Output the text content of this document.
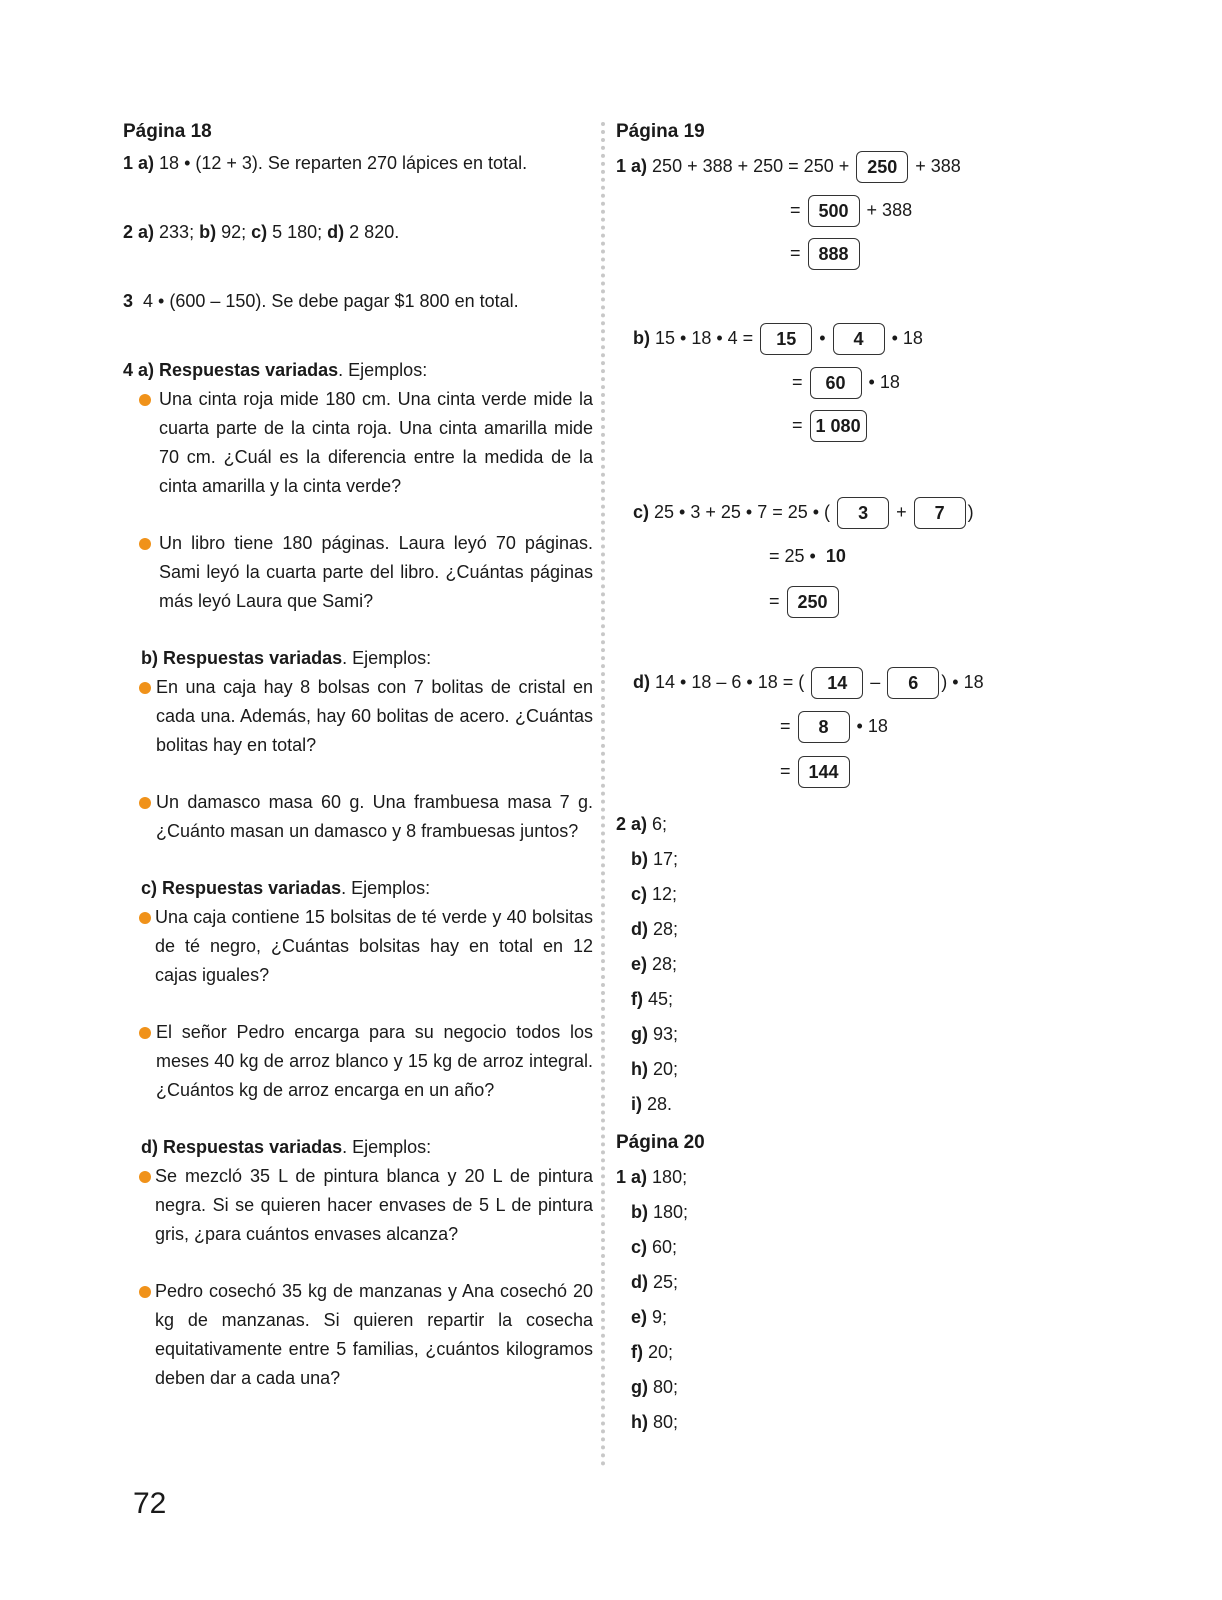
Página 18

1 a) 18 • (12 + 3). Se reparten 270 lápices en total.

2 a) 233; b) 92; c) 5 180; d) 2 820.

3 4 • (600 – 150). Se debe pagar $1 800 en total.

4 a) Respuestas variadas. Ejemplos:

Una cinta roja mide 180 cm. Una cinta verde mide la cuarta parte de la cinta roja. Una cinta amarilla mide 70 cm. ¿Cuál es la diferencia entre la medida de la cinta amarilla y la cinta verde?
Un libro tiene 180 páginas. Laura leyó 70 páginas. Sami leyó la cuarta parte del libro. ¿Cuántas páginas más leyó Laura que Sami?

b) Respuestas variadas. Ejemplos:

En una caja hay 8 bolsas con 7 bolitas de cristal en cada una. Además, hay 60 bolitas de acero. ¿Cuántas bolitas hay en total?
Un damasco masa 60 g. Una frambuesa masa 7 g. ¿Cuánto masan un damasco y 8 frambuesas juntos?

c) Respuestas variadas. Ejemplos:

Una caja contiene 15 bolsitas de té verde y 40 bolsitas de té negro, ¿Cuántas bolsitas hay en total en 12 cajas iguales?
El señor Pedro encarga para su negocio todos los meses 40 kg de arroz blanco y 15 kg de arroz integral. ¿Cuántos kg de arroz encarga en un año?

d) Respuestas variadas. Ejemplos:

Se mezcló 35 L de pintura blanca y 20 L de pintura negra. Si se quieren hacer envases de 5 L de pintura gris, ¿para cuántos envases alcanza?
Pedro cosechó 35 kg de manzanas y Ana cosechó 20 kg de manzanas. Si quieren repartir la cosecha equitativamente entre 5 familias, ¿cuántos kilogramos deben dar a cada una?
Página 19
1 a) 250 + 388 + 250 = 250 + 250 + 388
= 500 + 388
= 888
b) 15 • 18 • 4 = 15 • 4 • 18
= 60 • 18
= 1 080
c) 25 • 3 + 25 • 7 = 25 • ( 3 + 7 )
= 25 • 10
= 250
d) 14 • 18 – 6 • 18 = ( 14 – 6 ) • 18
= 8 • 18
= 144
2 a) 6;
b) 17;
c) 12;
d) 28;
e) 28;
f) 45;
g) 93;
h) 20;
i) 28.
Página 20
1 a) 180;
b) 180;
c) 60;
d) 25;
e) 9;
f) 20;
g) 80;
h) 80;
72
